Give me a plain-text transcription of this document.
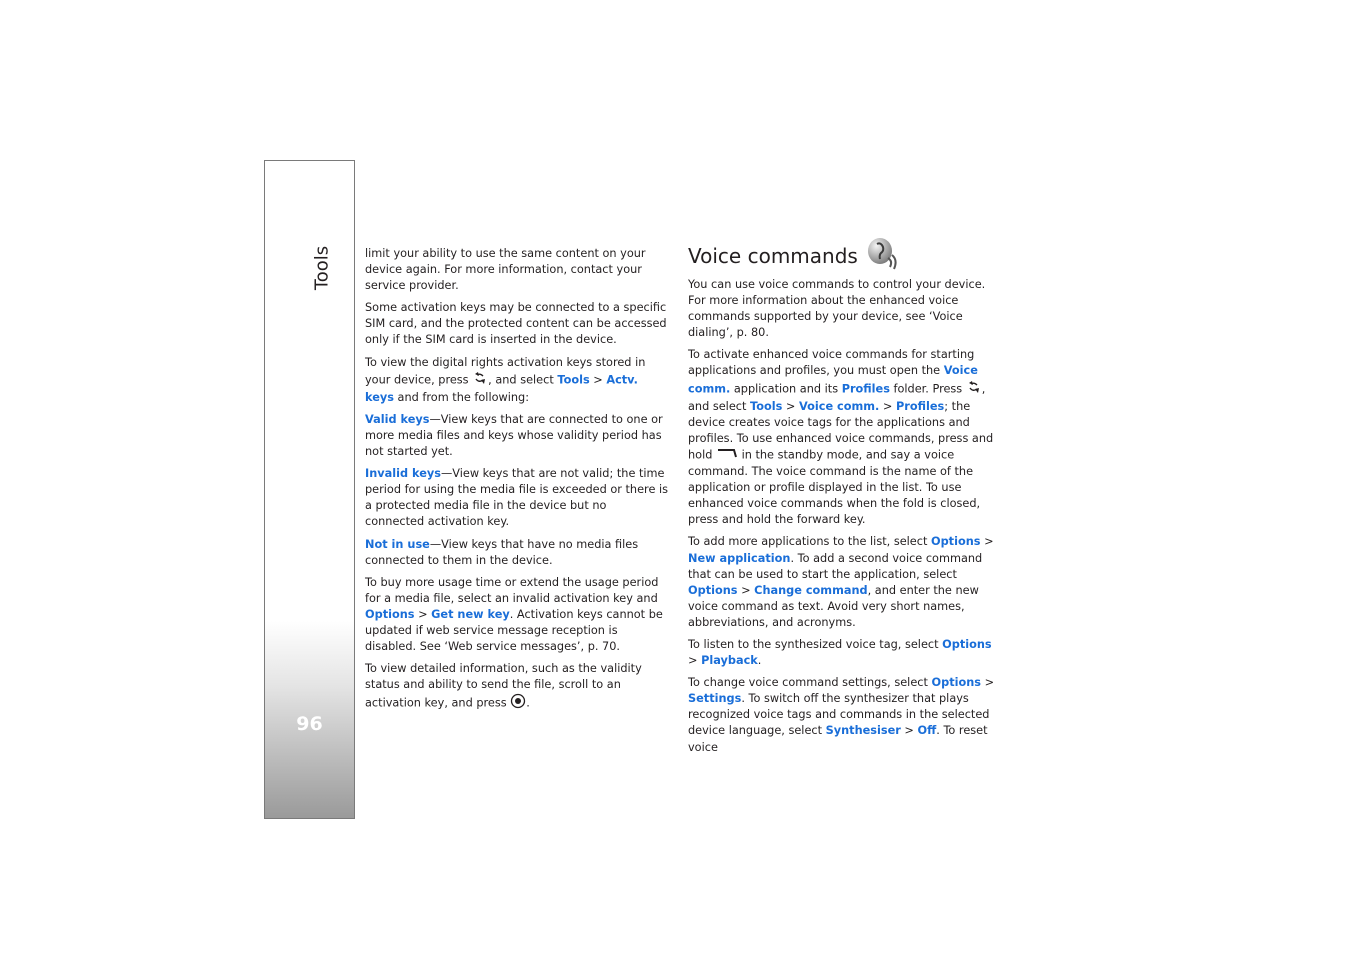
Tools
96

limit your ability to use the same content on your device again. For more information, contact your service provider.

Some activation keys may be connected to a specific SIM card, and the protected content can be accessed only if the SIM card is inserted in the device.

To view the digital rights activation keys stored in your device, press , and select Tools > Actv. keys and from the following:

Valid keys—View keys that are connected to one or more media files and keys whose validity period has not started yet.

Invalid keys—View keys that are not valid; the time period for using the media file is exceeded or there is a protected media file in the device but no connected activation key.

Not in use—View keys that have no media files connected to them in the device.

To buy more usage time or extend the usage period for a media file, select an invalid activation key and Options > Get new key. Activation keys cannot be updated if web service message reception is disabled. See ‘Web service messages’, p. 70.

To view detailed information, such as the validity status and ability to send the file, scroll to an activation key, and press .

Voice commands

You can use voice commands to control your device. For more information about the enhanced voice commands supported by your device, see ‘Voice dialing’, p. 80.

To activate enhanced voice commands for starting applications and profiles, you must open the Voice comm. application and its Profiles folder. Press , and select Tools > Voice comm. > Profiles; the device creates voice tags for the applications and profiles. To use enhanced voice commands, press and hold  in the standby mode, and say a voice command. The voice command is the name of the application or profile displayed in the list. To use enhanced voice commands when the fold is closed, press and hold the forward key.

To add more applications to the list, select Options > New application. To add a second voice command that can be used to start the application, select Options > Change command, and enter the new voice command as text. Avoid very short names, abbreviations, and acronyms.

To listen to the synthesized voice tag, select Options > Playback.

To change voice command settings, select Options > Settings. To switch off the synthesizer that plays recognized voice tags and commands in the selected device language, select Synthesiser > Off. To reset voice
